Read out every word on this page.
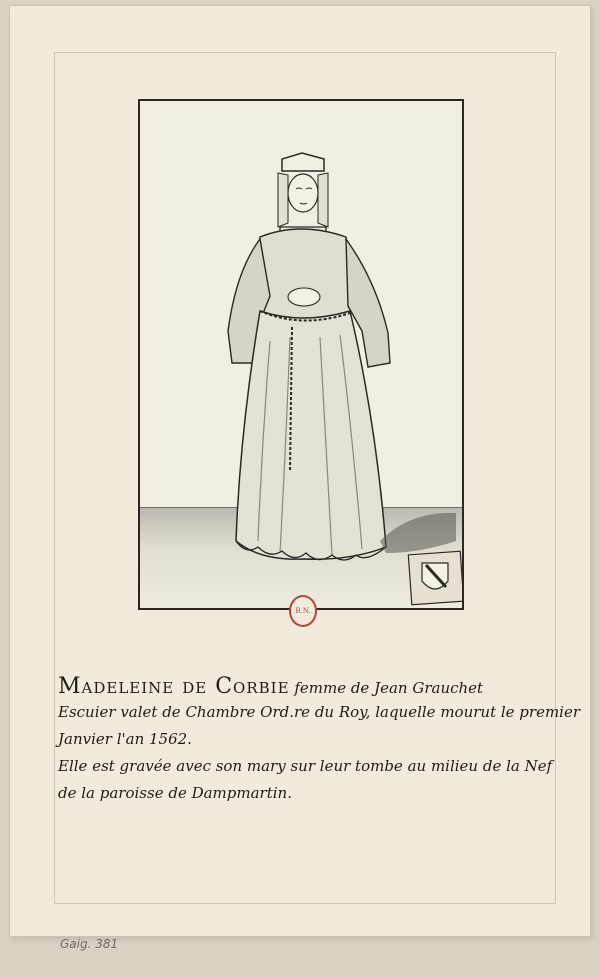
B.N.
Madeleine de Corbie femme de Jean Grauchet
Escuier valet de Chambre Ord.re du Roy, laquelle mourut le premier
Janvier l'an 1562.
Elle est gravée avec son mary sur leur tombe au milieu de la Nef
de la paroisse de Dampmartin.
Gaig. 381
